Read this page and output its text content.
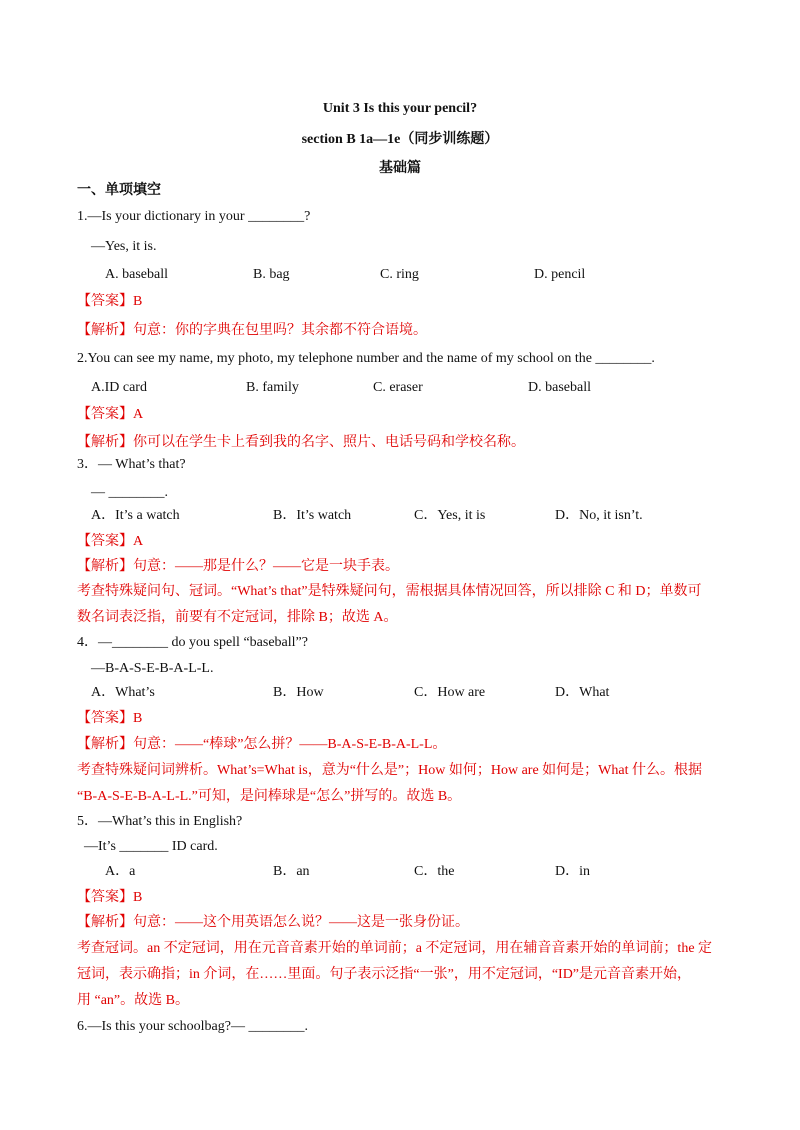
Unit 3 Is this your pencil?
section B 1a—1e（同步训练题）
基础篇
一、单项填空
1.—Is your dictionary in your ________?
—Yes, it is.
A. baseball	B. bag	C. ring	D. pencil
【答案】B
【解析】句意：你的字典在包里吗？其余都不符合语境。
2.You can see my name, my photo, my telephone number and the name of my school on the ________.
A.ID card	B. family	C. eraser	D. baseball
【答案】A
【解析】你可以在学生卡上看到我的名字、照片、电话号码和学校名称。
3．— What’s that?
— ________.
A．It’s a watch	B．It’s watch	C．Yes, it is	D．No, it isn’t.
【答案】A
【解析】句意：——那是什么？——它是一块手表。
考查特殊疑问句、冠词。“What’s that”是特殊疑问句，需根据具体情况回答，所以排除 C 和 D；单数可
数名词表泛指，前要有不定冠词，排除 B；故选 A。
4．—________ do you spell “baseball”?
—B-A-S-E-B-A-L-L.
A．What’s	B．How	C．How are	D．What
【答案】B
【解析】句意：——“棒球”怎么拼？——B-A-S-E-B-A-L-L。
考查特殊疑问词辨析。What’s=What is，意为“什么是”；How 如何；How are 如何是；What 什么。根据
“B-A-S-E-B-A-L-L.”可知，是问棒球是“怎么”拼写的。故选 B。
5．—What’s this in English?
—It’s _______ ID card.
A．a	B．an	C．the	D．in
【答案】B
【解析】句意：——这个用英语怎么说？——这是一张身份证。
考查冠词。an 不定冠词，用在元音音素开始的单词前；a 不定冠词，用在辅音音素开始的单词前；the 定
冠词，表示确指；in 介词，在……里面。句子表示泛指“一张”，用不定冠词，“ID”是元音音素开始，
用 “an”。故选 B。
6.—Is this your schoolbag?— ________.
